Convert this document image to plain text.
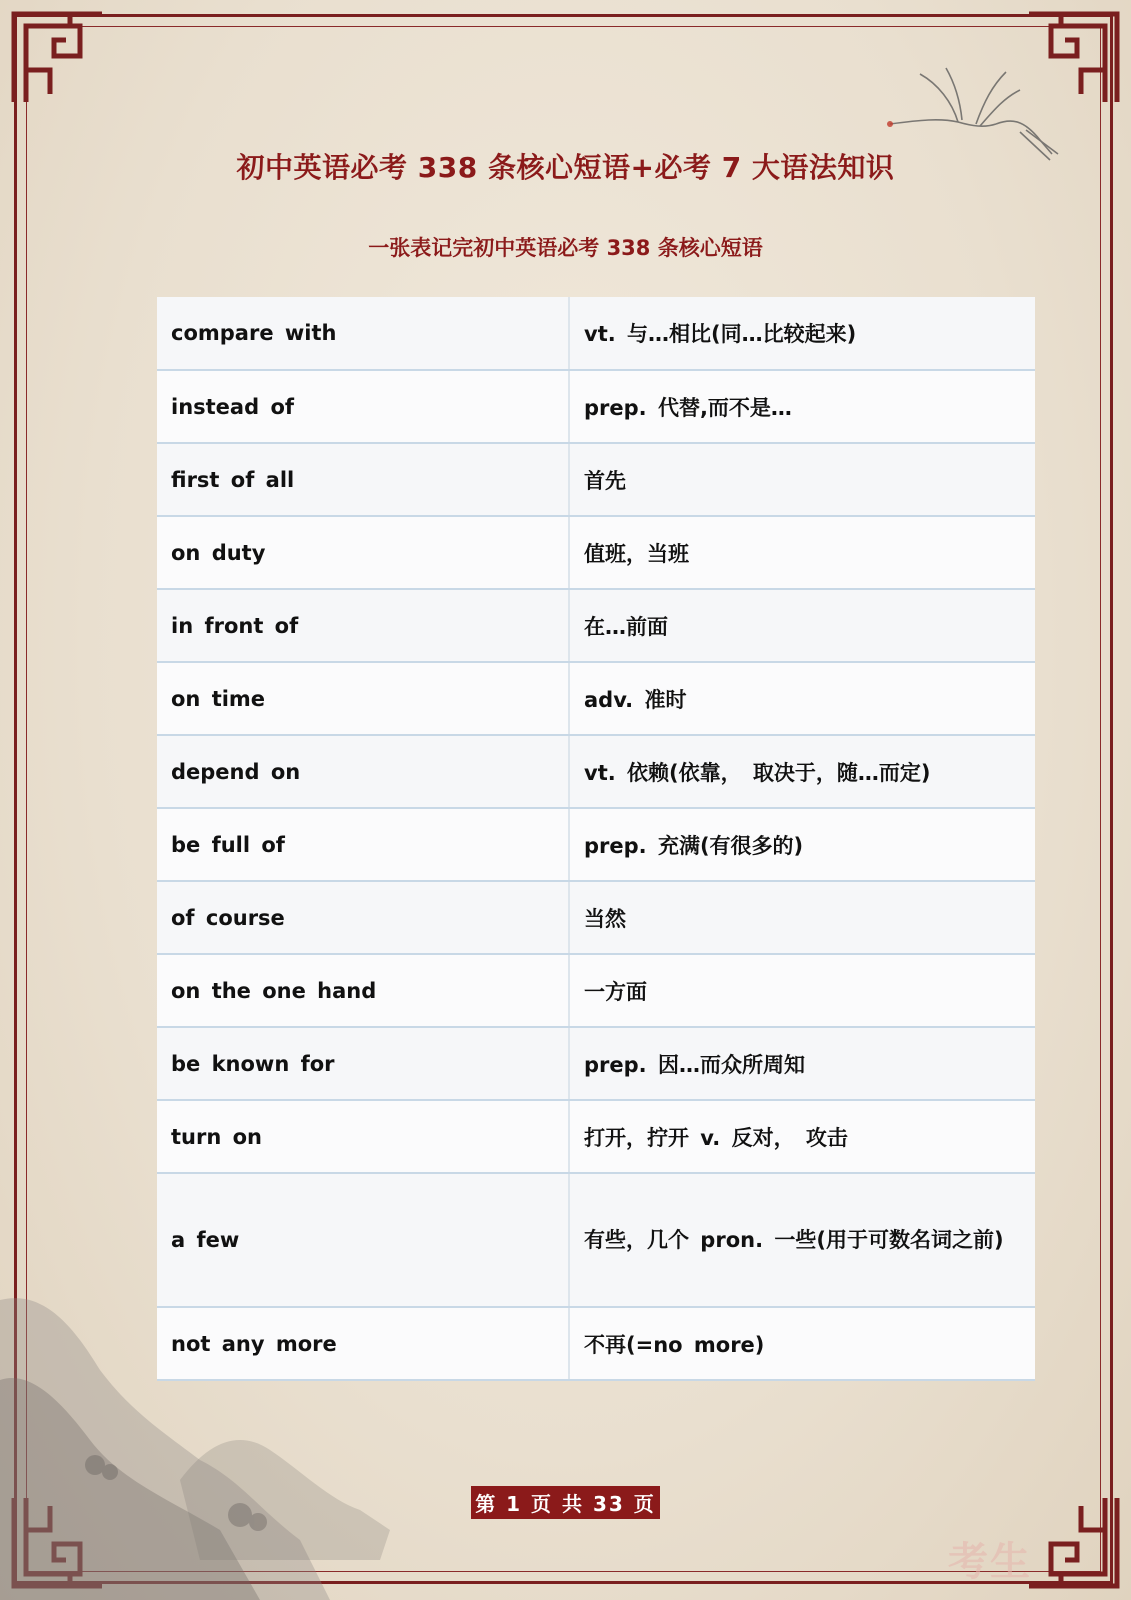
初中英语必考 338 条核心短语+必考 7 大语法知识
一张表记完初中英语必考 338 条核心短语
compare with	vt. 与…相比(同…比较起来)
instead of	prep. 代替,而不是…
first of all	首先
on duty	值班，当班
in front of	在…前面
on time	adv. 准时
depend on	vt. 依赖(依靠， 取决于，随…而定)
be full of	prep. 充满(有很多的)
of course	当然
on the one hand	一方面
be known for	prep. 因…而众所周知
turn on	打开，拧开 v. 反对， 攻击
a few	有些，几个 pron. 一些(用于可数名词之前)
not any more	不再(=no more)
第 1 页 共 33 页
考生
